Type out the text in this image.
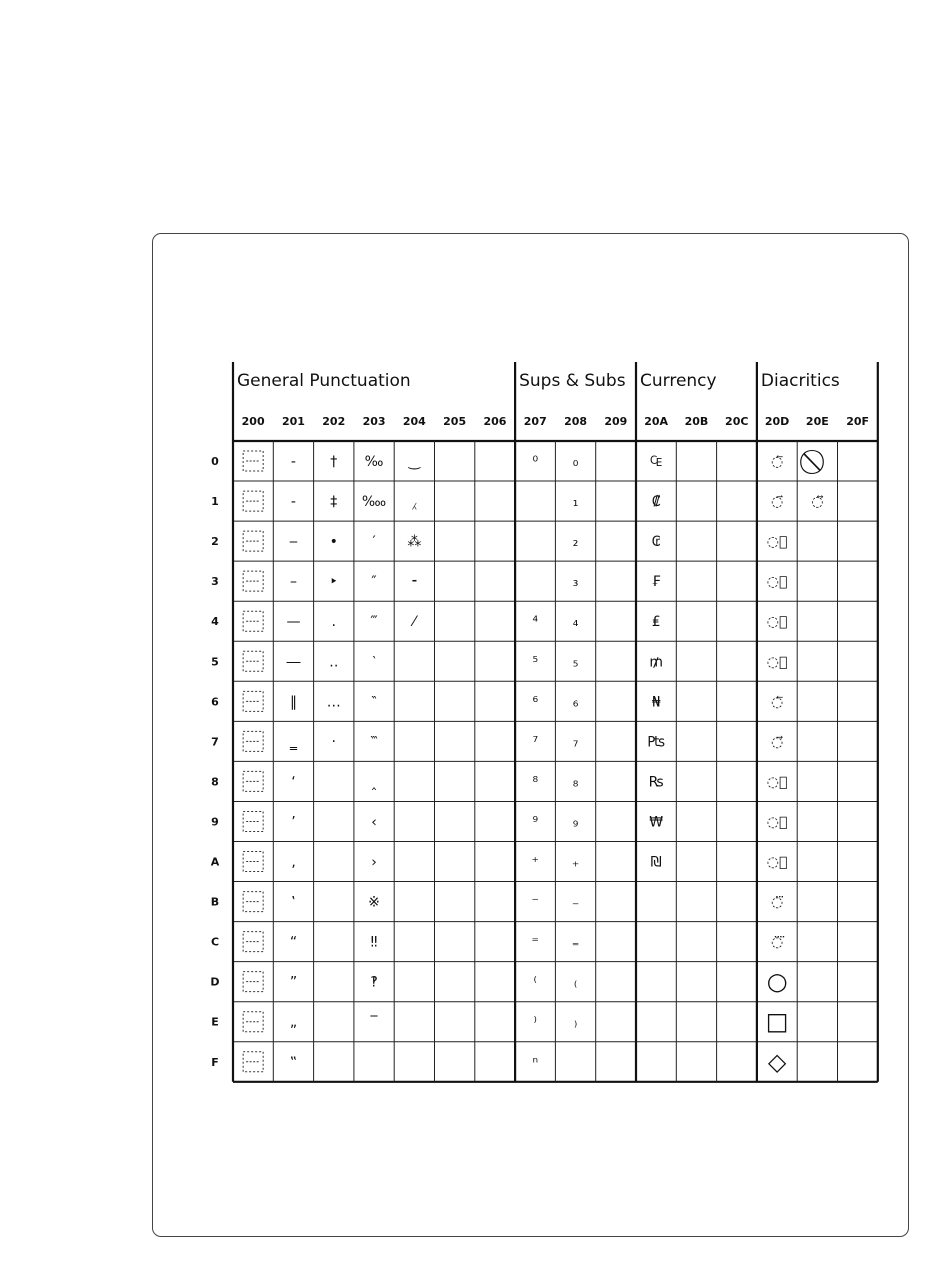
General Punctuation	Sups & Subs Currency	Diacritics
200 201 202 203 204 205 206 207 208 209 20A 20B 20C 20D 20E 20F
0
1
2
3
4
5
6
7
8
9
A
B
C
D
E
F
‐
‑
‒
–
—
―
‖
‗
‘
’
‚
‛
“
”
„
‟
†
‡
•
‣
․
‥
…
‧
‰
‱
′
″
‴
‵
‶
‷
‸
‹
›
※
‼
‽
‾
‿
⁁
⁂
⁃
⁄
⁰
⁴
⁵
⁶
⁷
⁸
⁹
⁺
⁻
⁼
⁽
⁾
ⁿ
₀
₁
₂
₃
₄
₅
₆
₇
₈
₉
₊
₋
₌
₍
₎
₠
₡
₢
₣
₤
₥
₦
₧
₨
₩
₪
◌⃐
◌⃑
◌⃒
◌⃓
◌⃔
◌⃕
◌⃖
◌⃗
◌⃘
◌⃙
◌⃚
◌⃛
◌⃜
○
□
◇
◌⃡
